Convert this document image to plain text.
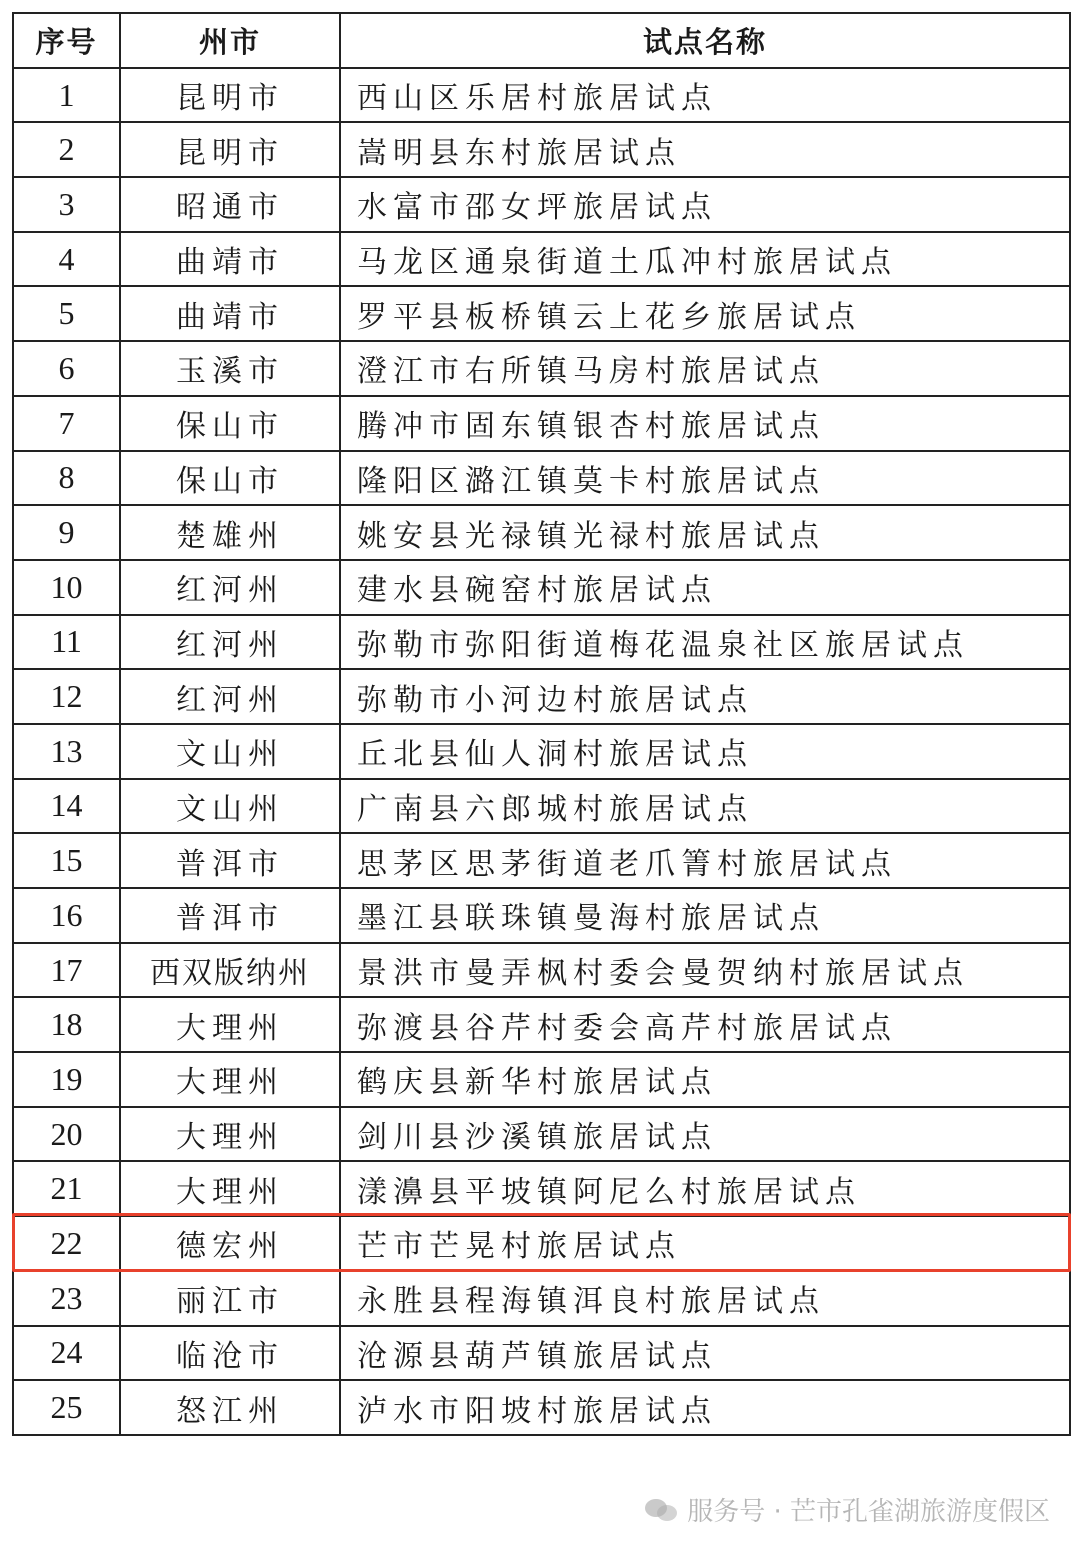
序号	州市	试点名称
1	昆明市	西山区乐居村旅居试点
2	昆明市	嵩明县东村旅居试点
3	昭通市	水富市邵女坪旅居试点
4	曲靖市	马龙区通泉街道土瓜冲村旅居试点
5	曲靖市	罗平县板桥镇云上花乡旅居试点
6	玉溪市	澄江市右所镇马房村旅居试点
7	保山市	腾冲市固东镇银杏村旅居试点
8	保山市	隆阳区潞江镇莫卡村旅居试点
9	楚雄州	姚安县光禄镇光禄村旅居试点
10	红河州	建水县碗窑村旅居试点
11	红河州	弥勒市弥阳街道梅花温泉社区旅居试点
12	红河州	弥勒市小河边村旅居试点
13	文山州	丘北县仙人洞村旅居试点
14	文山州	广南县六郎城村旅居试点
15	普洱市	思茅区思茅街道老爪箐村旅居试点
16	普洱市	墨江县联珠镇曼海村旅居试点
17	西双版纳州	景洪市曼弄枫村委会曼贺纳村旅居试点
18	大理州	弥渡县谷芹村委会高芹村旅居试点
19	大理州	鹤庆县新华村旅居试点
20	大理州	剑川县沙溪镇旅居试点
21	大理州	漾濞县平坡镇阿尼么村旅居试点
22	德宏州	芒市芒晃村旅居试点
23	丽江市	永胜县程海镇洱良村旅居试点
24	临沧市	沧源县葫芦镇旅居试点
25	怒江州	泸水市阳坡村旅居试点
服务号 · 芒市孔雀湖旅游度假区
